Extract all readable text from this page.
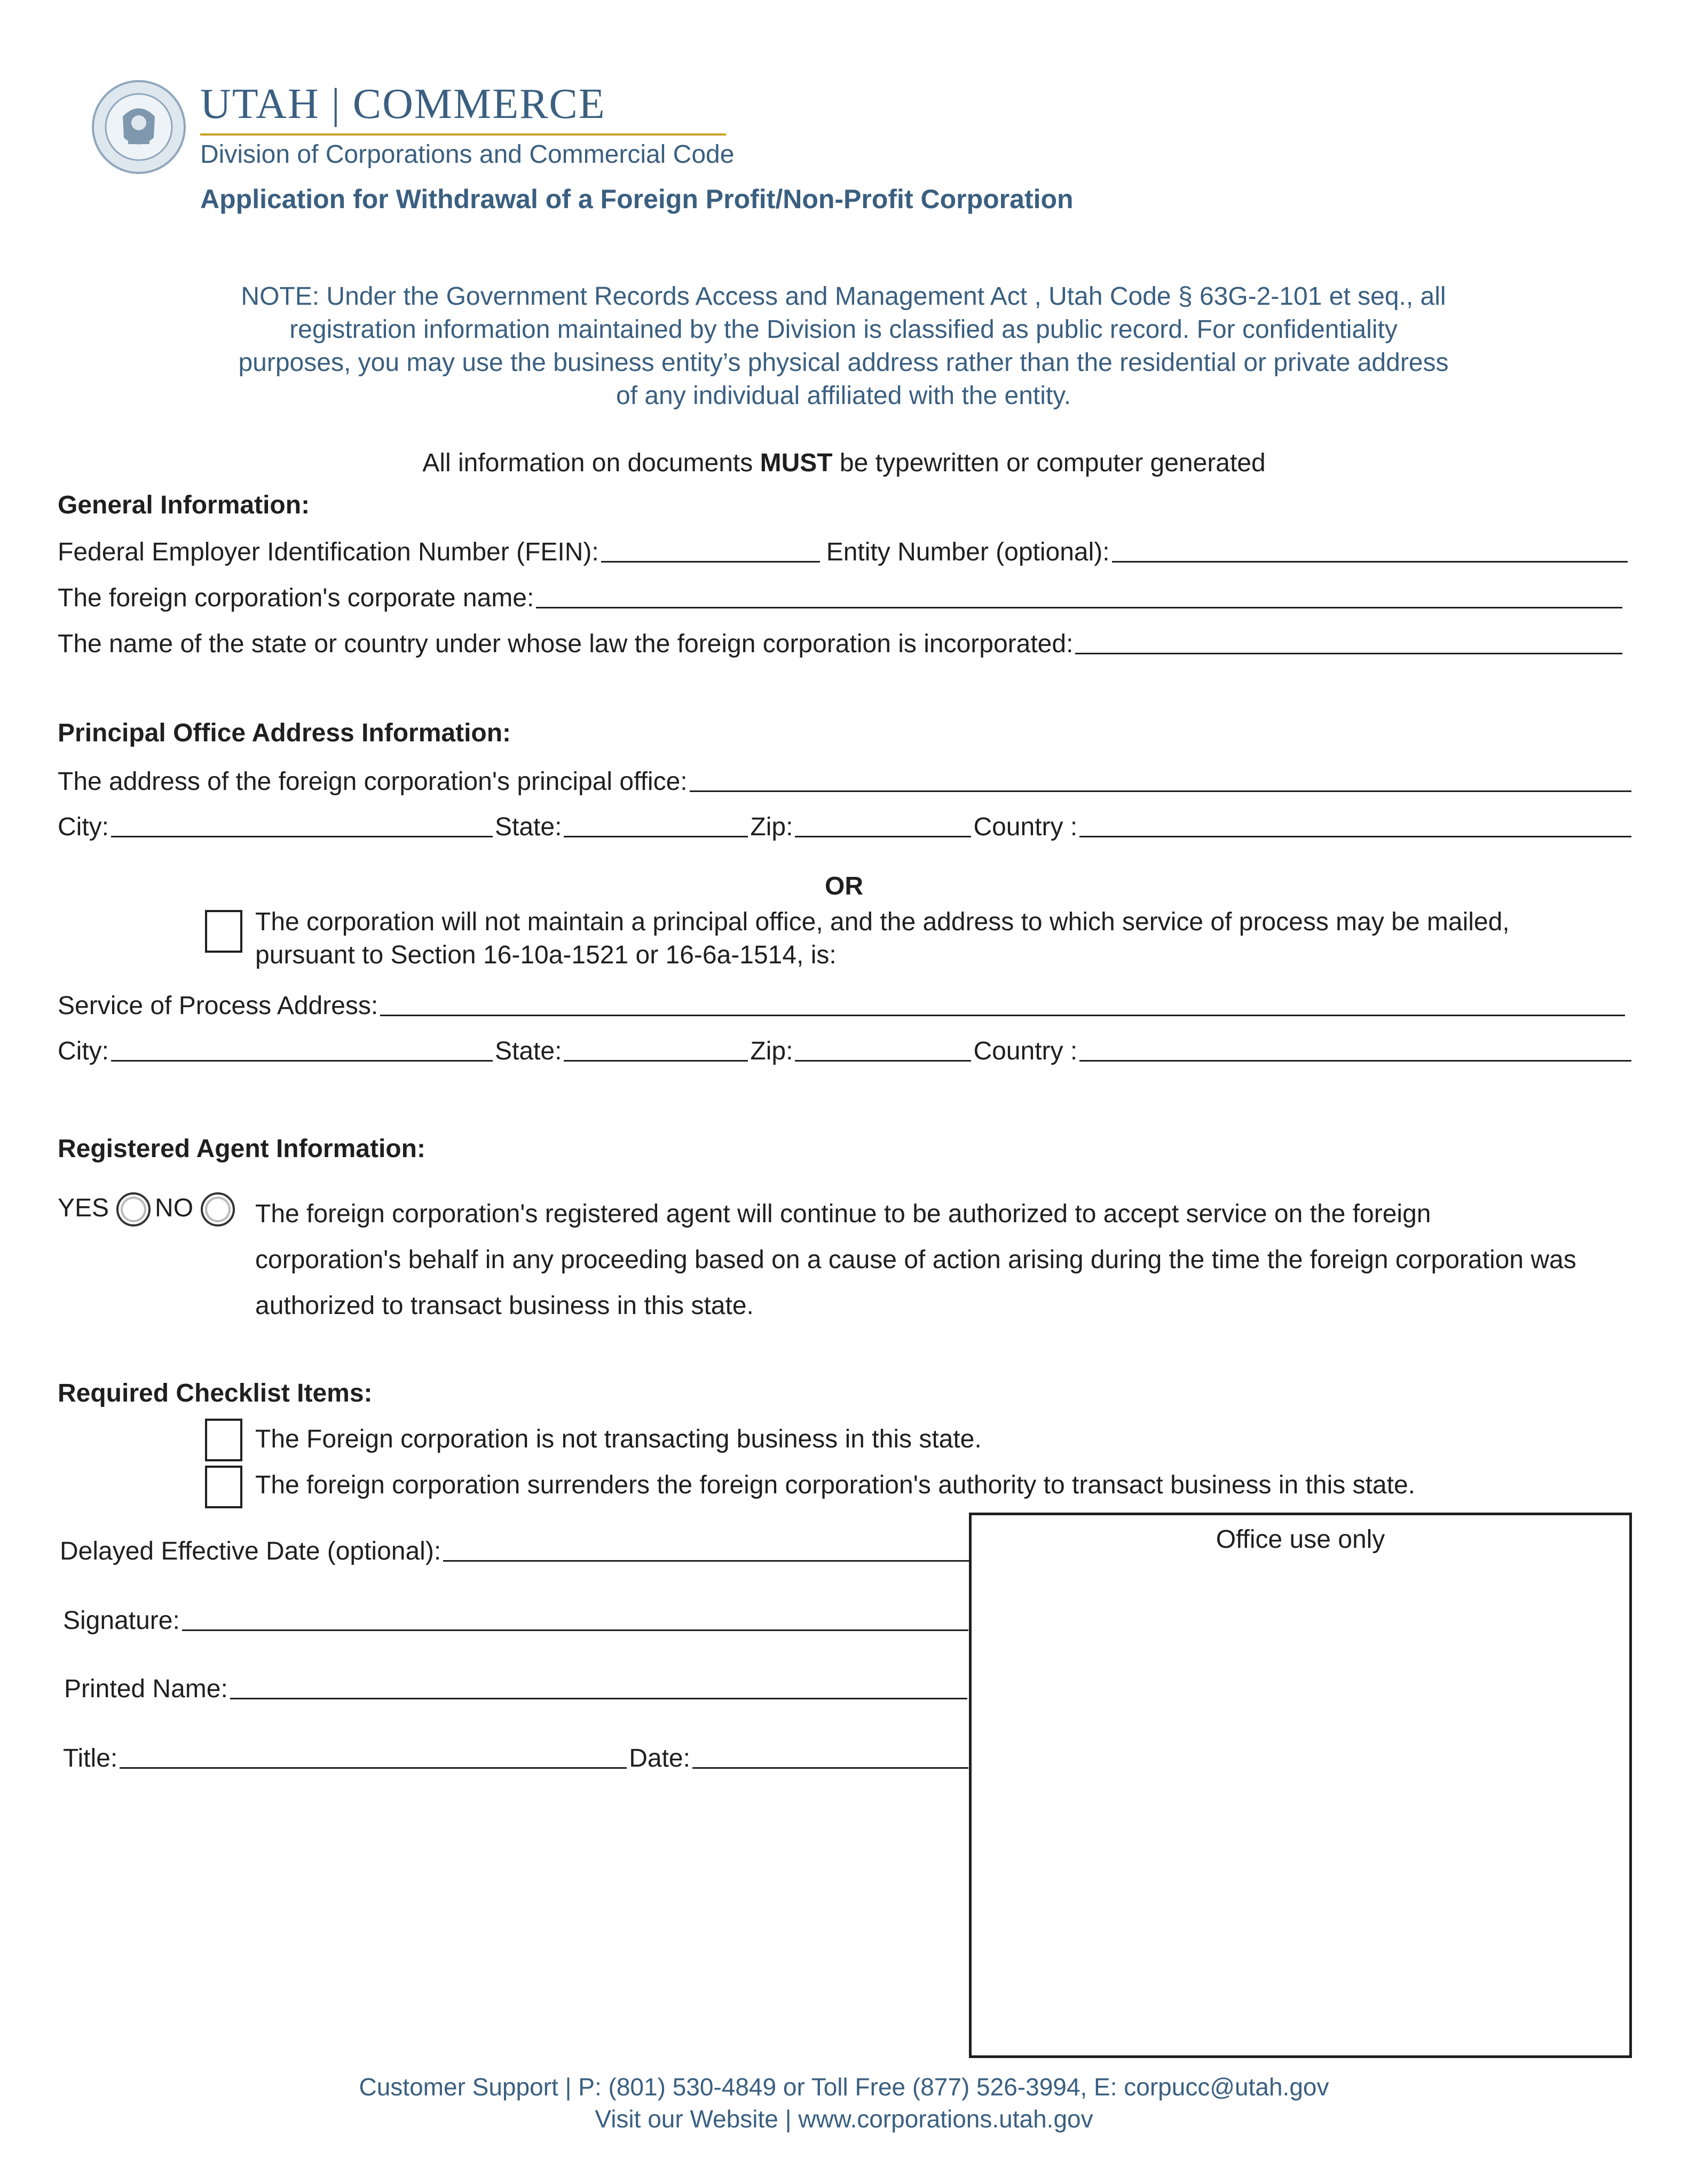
UTAH | COMMERCE
Division of Corporations and Commercial Code
Application for Withdrawal of a Foreign Profit/Non-Profit Corporation
NOTE: Under the Government Records Access and Management Act , Utah Code § 63G-2-101 et seq., all
registration information maintained by the Division is classified as public record. For confidentiality
purposes, you may use the business entity’s physical address rather than the residential or private address
of any individual affiliated with the entity.
All information on documents MUST be typewritten or computer generated
General Information:
Federal Employer Identification Number (FEIN):	Entity Number (optional):
The foreign corporation's corporate name:
The name of the state or country under whose law the foreign corporation is incorporated:
Principal Office Address Information:
The address of the foreign corporation's principal office:
City:	State:	Zip:	Country :
OR
The corporation will not maintain a principal office, and the address to which service of process may be mailed,
pursuant to Section 16-10a-1521 or 16-6a-1514, is:
Service of Process Address:
City:	State:	Zip:	Country :
Registered Agent Information:
YES NO	The foreign corporation's registered agent will continue to be authorized to accept service on the foreign
corporation's behalf in any proceeding based on a cause of action arising during the time the foreign corporation was
authorized to transact business in this state.
Required Checklist Items:
The Foreign corporation is not transacting business in this state.
The foreign corporation surrenders the foreign corporation's authority to transact business in this state.
Delayed Effective Date (optional):
Signature:
Printed Name:
Title:	Date:
Office use only
Customer Support | P: (801) 530-4849 or Toll Free (877) 526-3994, E: corpucc@utah.gov
Visit our Website | www.corporations.utah.gov
